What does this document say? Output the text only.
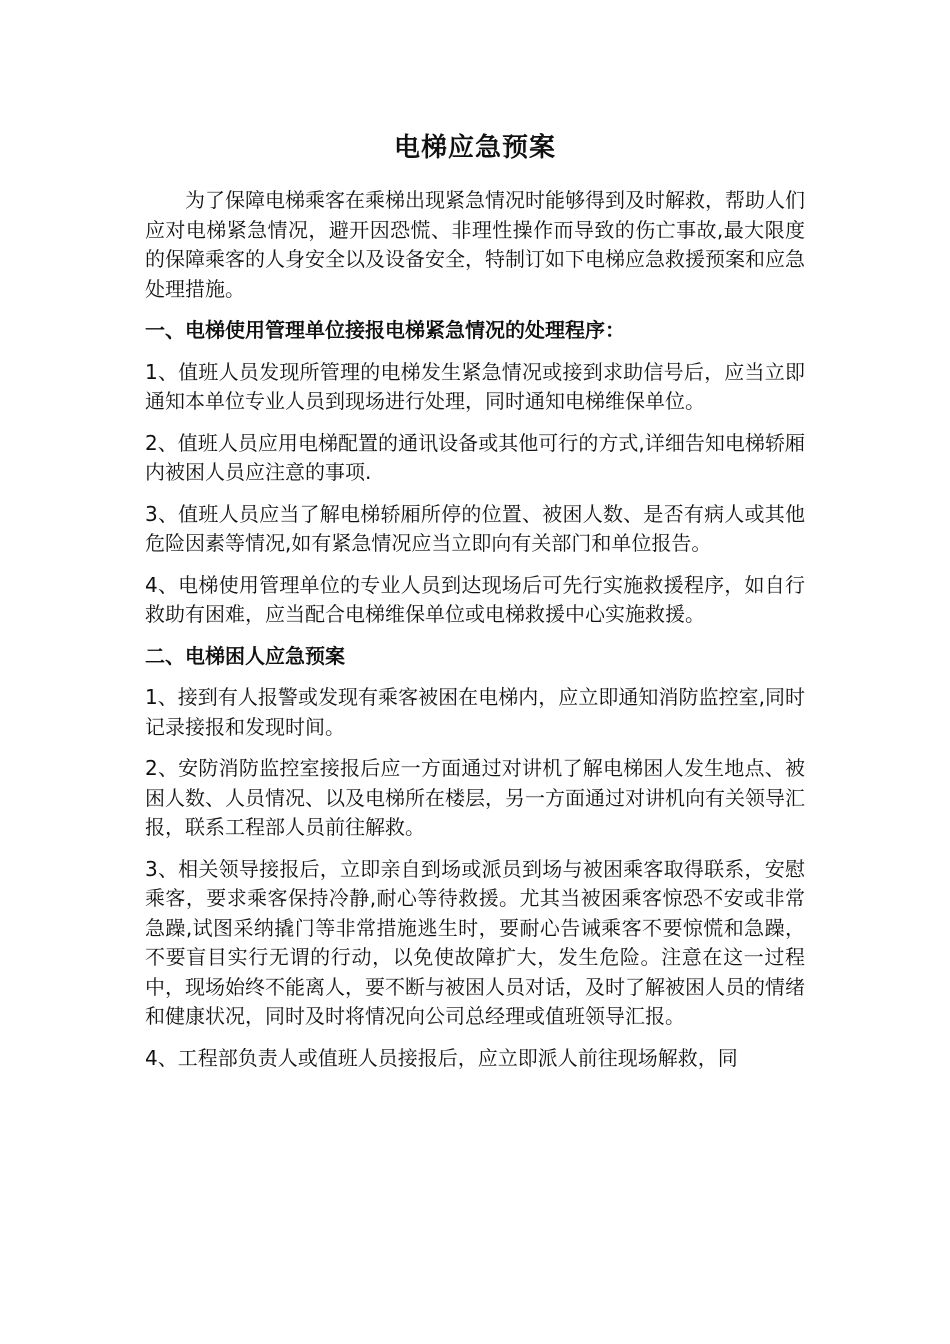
电梯应急预案

为了保障电梯乘客在乘梯出现紧急情况时能够得到及时解救，帮助人们应对电梯紧急情况，避开因恐慌、非理性操作而导致的伤亡事故,最大限度的保障乘客的人身安全以及设备安全，特制订如下电梯应急救援预案和应急处理措施。

一、电梯使用管理单位接报电梯紧急情况的处理程序：

1、值班人员发现所管理的电梯发生紧急情况或接到求助信号后，应当立即通知本单位专业人员到现场进行处理，同时通知电梯维保单位。

2、值班人员应用电梯配置的通讯设备或其他可行的方式,详细告知电梯轿厢内被困人员应注意的事项.

3、值班人员应当了解电梯轿厢所停的位置、被困人数、是否有病人或其他危险因素等情况,如有紧急情况应当立即向有关部门和单位报告。

4、电梯使用管理单位的专业人员到达现场后可先行实施救援程序，如自行救助有困难，应当配合电梯维保单位或电梯救援中心实施救援。

二、电梯困人应急预案

1、接到有人报警或发现有乘客被困在电梯内，应立即通知消防监控室,同时记录接报和发现时间。

2、安防消防监控室接报后应一方面通过对讲机了解电梯困人发生地点、被困人数、人员情况、以及电梯所在楼层，另一方面通过对讲机向有关领导汇报，联系工程部人员前往解救。

3、相关领导接报后，立即亲自到场或派员到场与被困乘客取得联系，安慰乘客，要求乘客保持冷静,耐心等待救援。尤其当被困乘客惊恐不安或非常急躁,试图采纳撬门等非常措施逃生时，要耐心告诫乘客不要惊慌和急躁，不要盲目实行无谓的行动，以免使故障扩大，发生危险。注意在这一过程中，现场始终不能离人，要不断与被困人员对话，及时了解被困人员的情绪和健康状况，同时及时将情况向公司总经理或值班领导汇报。

4、工程部负责人或值班人员接报后，应立即派人前往现场解救，同
